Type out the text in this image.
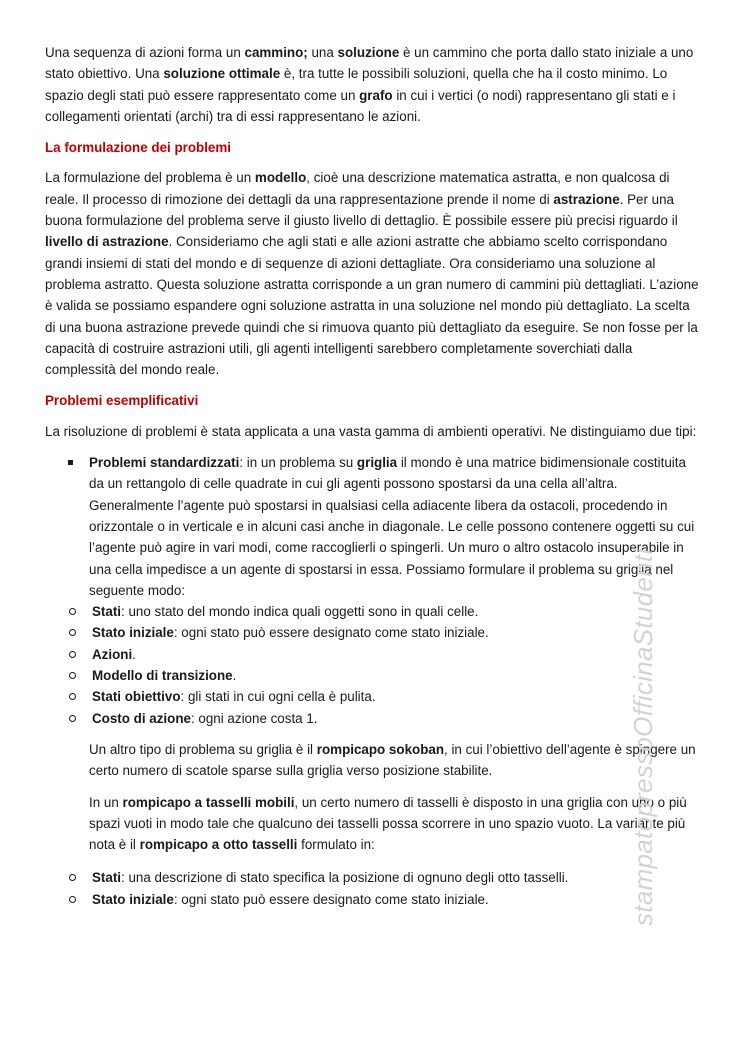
Una sequenza di azioni forma un cammino; una soluzione è un cammino che porta dallo stato iniziale a uno stato obiettivo. Una soluzione ottimale è, tra tutte le possibili soluzioni, quella che ha il costo minimo. Lo spazio degli stati può essere rappresentato come un grafo in cui i vertici (o nodi) rappresentano gli stati e i collegamenti orientati (archi) tra di essi rappresentano le azioni.

La formulazione dei problemi

La formulazione del problema è un modello, cioè una descrizione matematica astratta, e non qualcosa di reale. Il processo di rimozione dei dettagli da una rappresentazione prende il nome di astrazione. Per una buona formulazione del problema serve il giusto livello di dettaglio. È possibile essere più precisi riguardo il livello di astrazione. Consideriamo che agli stati e alle azioni astratte che abbiamo scelto corrispondano grandi insiemi di stati del mondo e di sequenze di azioni dettagliate. Ora consideriamo una soluzione al problema astratto. Questa soluzione astratta corrisponde a un gran numero di cammini più dettagliati. L’azione è valida se possiamo espandere ogni soluzione astratta in una soluzione nel mondo più dettagliato. La scelta di una buona astrazione prevede quindi che si rimuova quanto più dettagliato da eseguire. Se non fosse per la capacità di costruire astrazioni utili, gli agenti intelligenti sarebbero completamente soverchiati dalla complessità del mondo reale.

Problemi esemplificativi

La risoluzione di problemi è stata applicata a una vasta gamma di ambienti operativi. Ne distinguiamo due tipi:

Problemi standardizzati: in un problema su griglia il mondo è una matrice bidimensionale costituita da un rettangolo di celle quadrate in cui gli agenti possono spostarsi da una cella all’altra. Generalmente l’agente può spostarsi in qualsiasi cella adiacente libera da ostacoli, procedendo in orizzontale o in verticale e in alcuni casi anche in diagonale. Le celle possono contenere oggetti su cui l’agente può agire in vari modi, come raccoglierli o spingerli. Un muro o altro ostacolo insuperabile in una cella impedisce a un agente di spostarsi in essa. Possiamo formulare il problema su griglia nel seguente modo:

Stati: uno stato del mondo indica quali oggetti sono in quali celle.
Stato iniziale: ogni stato può essere designato come stato iniziale.
Azioni.
Modello di transizione.
Stati obiettivo: gli stati in cui ogni cella è pulita.
Costo di azione: ogni azione costa 1.

Un altro tipo di problema su griglia è il rompicapo sokoban, in cui l’obiettivo dell’agente è spingere un certo numero di scatole sparse sulla griglia verso posizione stabilite.

In un rompicapo a tasselli mobili, un certo numero di tasselli è disposto in una griglia con uno o più spazi vuoti in modo tale che qualcuno dei tasselli possa scorrere in uno spazio vuoto. La variante più nota è il rompicapo a otto tasselli formulato in:

Stati: una descrizione di stato specifica la posizione di ognuno degli otto tasselli.
Stato iniziale: ogni stato può essere designato come stato iniziale.	stampatopressoOfficinaStudenti
